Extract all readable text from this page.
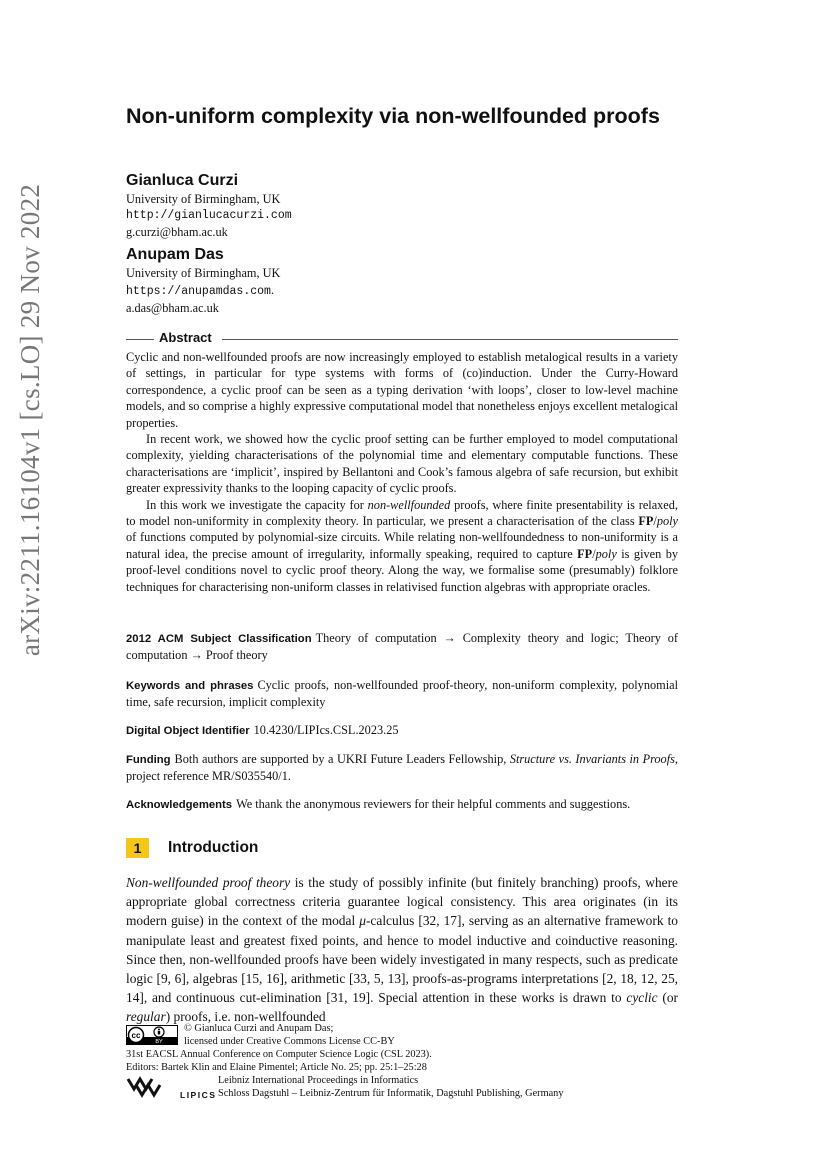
arXiv:2211.16104v1 [cs.LO] 29 Nov 2022
Non-uniform complexity via non-wellfounded proofs
Gianluca Curzi
University of Birmingham, UK
http://gianlucacurzi.com
g.curzi@bham.ac.uk
Anupam Das
University of Birmingham, UK
https://anupamdas.com.
a.das@bham.ac.uk
Abstract

Cyclic and non-wellfounded proofs are now increasingly employed to establish metalogical results in a variety of settings, in particular for type systems with forms of (co)induction. Under the Curry-Howard correspondence, a cyclic proof can be seen as a typing derivation ‘with loops’, closer to low-level machine models, and so comprise a highly expressive computational model that nonetheless enjoys excellent metalogical properties.

In recent work, we showed how the cyclic proof setting can be further employed to model computational complexity, yielding characterisations of the polynomial time and elementary computable functions. These characterisations are ‘implicit’, inspired by Bellantoni and Cook’s famous algebra of safe recursion, but exhibit greater expressivity thanks to the looping capacity of cyclic proofs.

In this work we investigate the capacity for non-wellfounded proofs, where finite presentability is relaxed, to model non-uniformity in complexity theory. In particular, we present a characterisation of the class FP/poly of functions computed by polynomial-size circuits. While relating non-wellfoundedness to non-uniformity is a natural idea, the precise amount of irregularity, informally speaking, required to capture FP/poly is given by proof-level conditions novel to cyclic proof theory. Along the way, we formalise some (presumably) folklore techniques for characterising non-uniform classes in relativised function algebras with appropriate oracles.

2012 ACM Subject Classification Theory of computation → Complexity theory and logic; Theory of computation → Proof theory
Keywords and phrases Cyclic proofs, non-wellfounded proof-theory, non-uniform complexity, polynomial time, safe recursion, implicit complexity
Digital Object Identifier 10.4230/LIPIcs.CSL.2023.25
Funding Both authors are supported by a UKRI Future Leaders Fellowship, Structure vs. Invariants in Proofs, project reference MR/S035540/1.
Acknowledgements We thank the anonymous reviewers for their helpful comments and suggestions.
1	Introduction

Non-wellfounded proof theory is the study of possibly infinite (but finitely branching) proofs, where appropriate global correctness criteria guarantee logical consistency. This area originates (in its modern guise) in the context of the modal μ-calculus [32, 17], serving as an alternative framework to manipulate least and greatest fixed points, and hence to model inductive and coinductive reasoning. Since then, non-wellfounded proofs have been widely investigated in many respects, such as predicate logic [9, 6], algebras [15, 16], arithmetic [33, 5, 13], proofs-as-programs interpretations [2, 18, 12, 25, 14], and continuous cut-elimination [31, 19]. Special attention in these works is drawn to cyclic (or regular) proofs, i.e. non-wellfounded

cc
BY
© Gianluca Curzi and Anupam Das;
licensed under Creative Commons License CC-BY
31st EACSL Annual Conference on Computer Science Logic (CSL 2023).
Editors: Bartek Klin and Elaine Pimentel; Article No. 25; pp. 25:1–25:28
LIPICS
Leibniz International Proceedings in Informatics
Schloss Dagstuhl – Leibniz-Zentrum für Informatik, Dagstuhl Publishing, Germany
